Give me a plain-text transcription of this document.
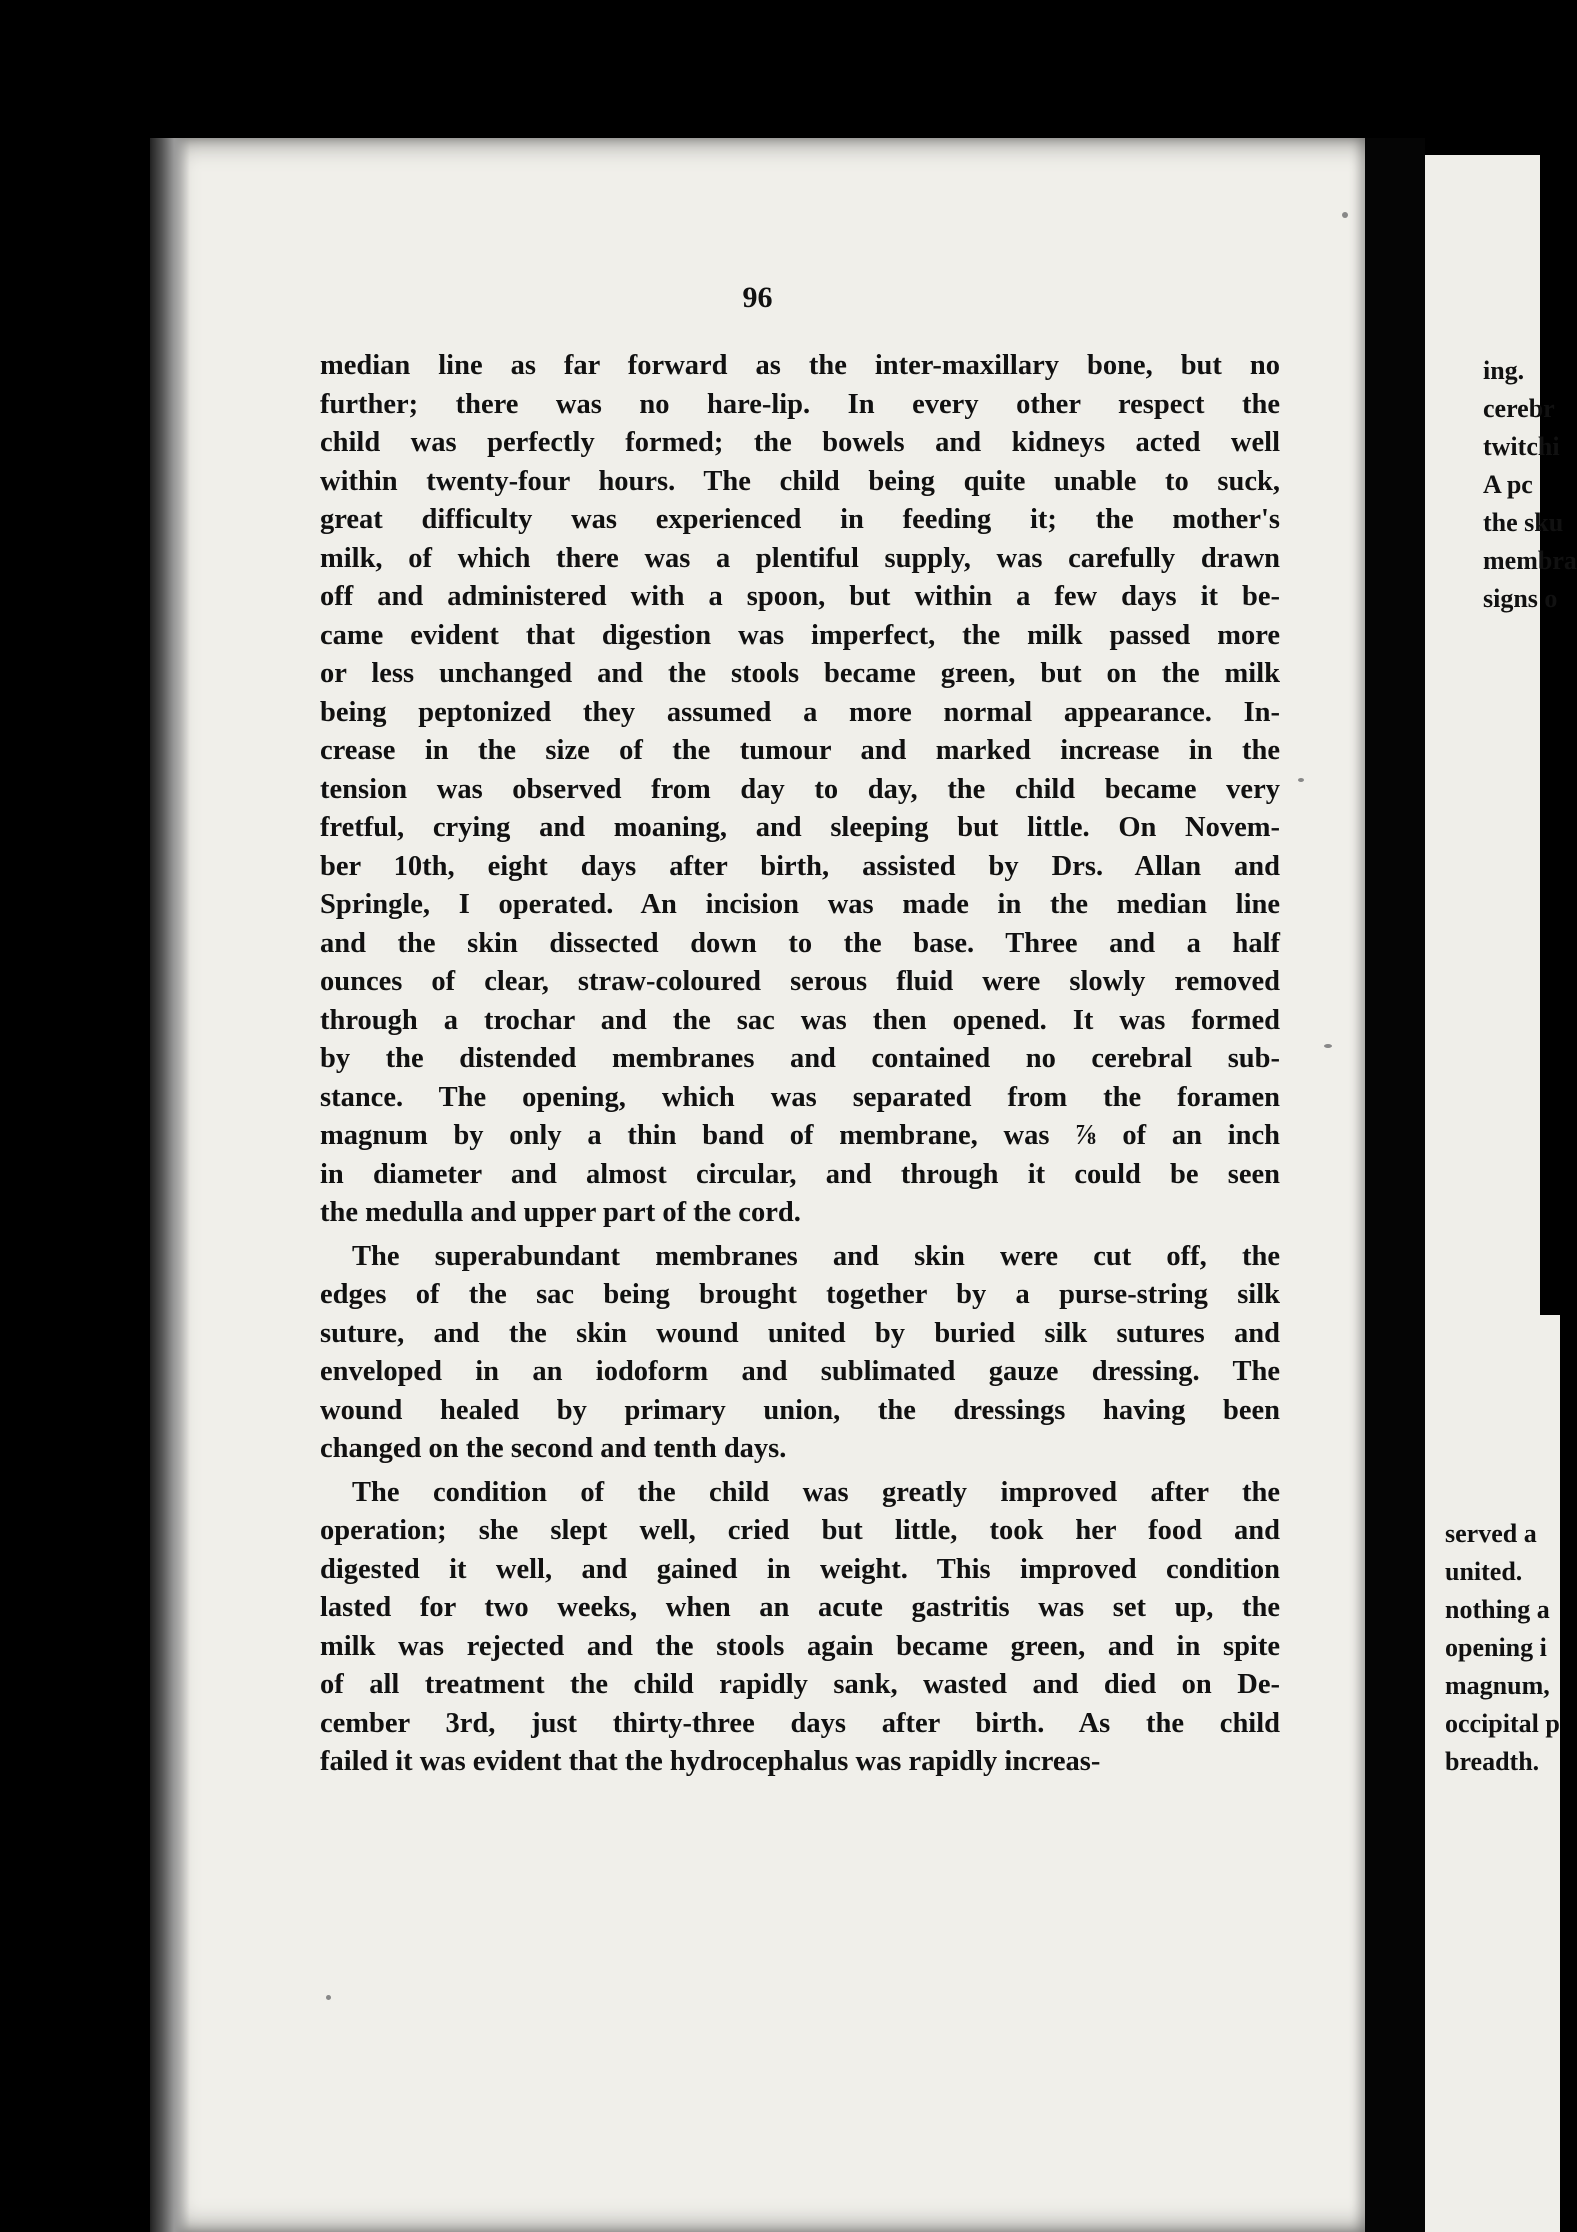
96
median line as far forward as the inter-maxillary bone, but no
further; there was no hare-lip. In every other respect the
child was perfectly formed; the bowels and kidneys acted well
within twenty-four hours. The child being quite unable to suck,
great difficulty was experienced in feeding it; the mother's
milk, of which there was a plentiful supply, was carefully drawn
off and administered with a spoon, but within a few days it be-
came evident that digestion was imperfect, the milk passed more
or less unchanged and the stools became green, but on the milk
being peptonized they assumed a more normal appearance. In-
crease in the size of the tumour and marked increase in the
tension was observed from day to day, the child became very
fretful, crying and moaning, and sleeping but little. On Novem-
ber 10th, eight days after birth, assisted by Drs. Allan and
Springle, I operated. An incision was made in the median line
and the skin dissected down to the base. Three and a half
ounces of clear, straw-coloured serous fluid were slowly removed
through a trochar and the sac was then opened. It was formed
by the distended membranes and contained no cerebral sub-
stance. The opening, which was separated from the foramen
magnum by only a thin band of membrane, was ⅞ of an inch
in diameter and almost circular, and through it could be seen
the medulla and upper part of the cord.
The superabundant membranes and skin were cut off, the
edges of the sac being brought together by a purse-string silk
suture, and the skin wound united by buried silk sutures and
enveloped in an iodoform and sublimated gauze dressing. The
wound healed by primary union, the dressings having been
changed on the second and tenth days.
The condition of the child was greatly improved after the
operation; she slept well, cried but little, took her food and
digested it well, and gained in weight. This improved condition
lasted for two weeks, when an acute gastritis was set up, the
milk was rejected and the stools again became green, and in spite
of all treatment the child rapidly sank, wasted and died on De-
cember 3rd, just thirty-three days after birth. As the child
failed it was evident that the hydrocephalus was rapidly increas-
ing.
cerebr
twitchi
A pc
the sku
membra
signs o
served a
united.
nothing a
opening i
magnum,
occipital p
breadth.
